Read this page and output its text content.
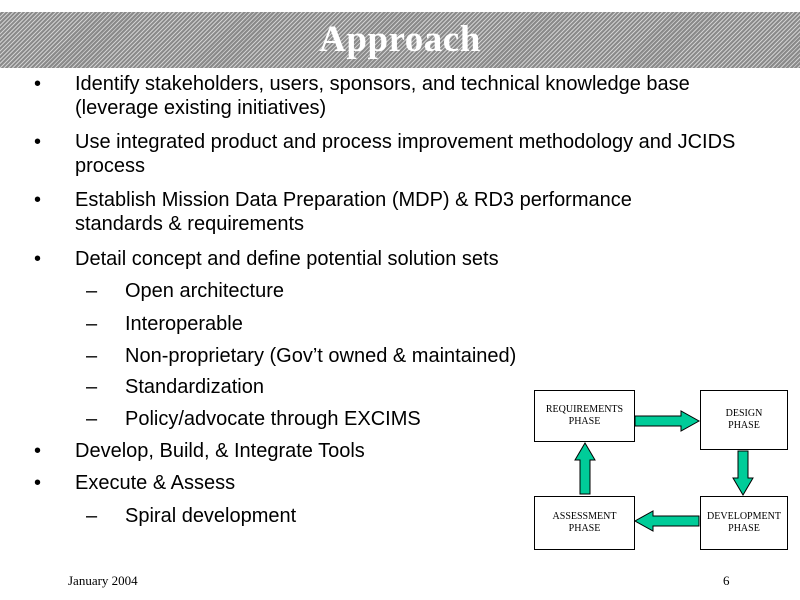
Approach
• Identify stakeholders, users, sponsors, and technical knowledge base (leverage existing initiatives)
• Use integrated product and process improvement methodology and JCIDS process
• Establish Mission Data Preparation (MDP) & RD3 performance standards & requirements
• Detail concept and define potential solution sets
– Open architecture
– Interoperable
– Non-proprietary (Gov’t owned & maintained)
– Standardization
– Policy/advocate through EXCIMS
• Develop, Build, & Integrate Tools
• Execute & Assess
– Spiral development
REQUIREMENTS
PHASE
DESIGN
PHASE
DEVELOPMENT
PHASE
ASSESSMENT
PHASE
January 2004	6
